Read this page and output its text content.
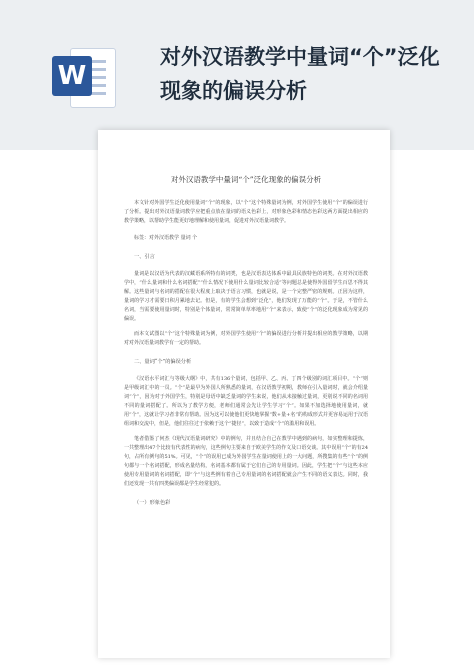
W
对外汉语教学中量词“个”泛化现象的偏误分析
对外汉语教学中量词“个”泛化现象的偏误分析

本文针对外国学生泛化使用量词“个”的现象，以“个”这个特殊量词为例，对外国学生使用“个”的偏误进行了分析。提出对外汉语量词教学应把重点放在量词的语义色彩上，对形象色彩和情态色彩这两方面提出相应的教学策略，以帮助学生能更好地理解和使用量词，促进对外汉语量词教学。

标签：对外汉语教学 量词 个

一、引言

量词是以汉语为代表的汉藏语系所特有的词类，也是汉语表达体系中最具民族特色的词类。在对外汉语教学中，“什么量词和什么名词搭配”“什么情况下使用什么量词比较合适”等问题总是使得外国留学生百思不得其解。这些量词与名词的搭配在很大程度上取决于语言习惯，也就是说，是一个完整严密的规则。正因为这样，量词的学习才需要日积月累地去记。但是，有的学生会想到“泛化”，他们发现了万能的“个”。于是，不管什么名词，当需要使用量词时，特别是个体量词，常常简单草率地用“个”来表示，致使“个”的泛化现象成为常见的偏误。

而本文试图以“个”这个特殊量词为例，对外国学生使用“个”的偏误进行分析并提出相应的教学策略，以期对对外汉语量词教学有一定的帮助。

二、量词“个”的偏误分析

《汉语水平词汇与等级大纲》中，共有136个量词，包括甲、乙、丙、丁四个级别的词汇项目中。“个”则是甲级词汇中的一员。“个”是最早为外国人所熟悉的量词，在汉语教学初期，教师在引入量词时，就会介绍量词“个”，因为对于外国学生，特别是母语中缺乏量词的学生来说，他们从未接触过量词，更别说不同的名词用不同的量词搭配了。所以为了教学方便，老师们通常会先让学生学习“个”。如果不加选择地使用量词，就用“个”，这就让学习者非常有帮助。因为这可以使他们更快地掌握“数+量+名”的构成形式并更容易运用于汉语组词和交流中，但是，他们往往过于依赖于这个“捷径”，以致于造成“个”的滥用和误用。

笔者借鉴了何杰《现代汉语量词研究》中的例句，并且结合自己在教学中遇到的病句，如实整理和提炼，一共整理出47个比较有代表性的病句，这些例句主要来自于欧美学生的作文及口语交谈。其中误用“个”的有24句，占所有例句的51%。可见，“个”的误用已成为外国学生在量词使用上的一大问题，所搜集的有些“个”的例句都与一个名词搭配，形成名量结构，名词基本都有属于它们自己的专用量词。因此，学生把“个”与这些本应使用专用量词的名词搭配，即“个”与这些例有着自己专用量词的名词搭配就会产生不同的语义表达。同时，我们还发现一共有四类偏误都是学生经常犯的。

（一）形象色彩
